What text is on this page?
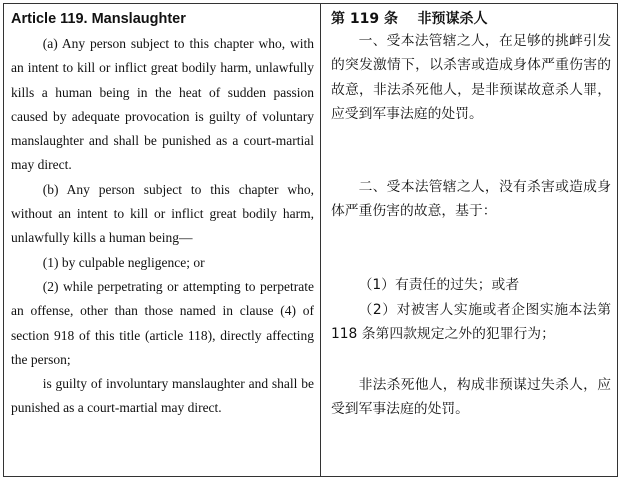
Article 119. Manslaughter

(a) Any person subject to this chapter who, with an intent to kill or inflict great bodily harm, unlawfully kills a human being in the heat of sudden passion caused by adequate provocation is guilty of voluntary manslaughter and shall be punished as a court-martial may direct.

(b) Any person subject to this chapter who, without an intent to kill or inflict great bodily harm, unlawfully kills a human being—

(1) by culpable negligence; or

(2) while perpetrating or attempting to perpetrate an offense, other than those named in clause (4) of section 918 of this title (article 118), directly affecting the person;

is guilty of involuntary manslaughter and shall be punished as a court-martial may direct.

第 119 条    非预谋杀人

一、受本法管辖之人，在足够的挑衅引发的突发激情下，以杀害或造成身体严重伤害的故意，非法杀死他人，是非预谋故意杀人罪，应受到军事法庭的处罚。

二、受本法管辖之人，没有杀害或造成身体严重伤害的故意，基于：

（1）有责任的过失；或者

（2）对被害人实施或者企图实施本法第 118 条第四款规定之外的犯罪行为；

非法杀死他人，构成非预谋过失杀人，应受到军事法庭的处罚。
